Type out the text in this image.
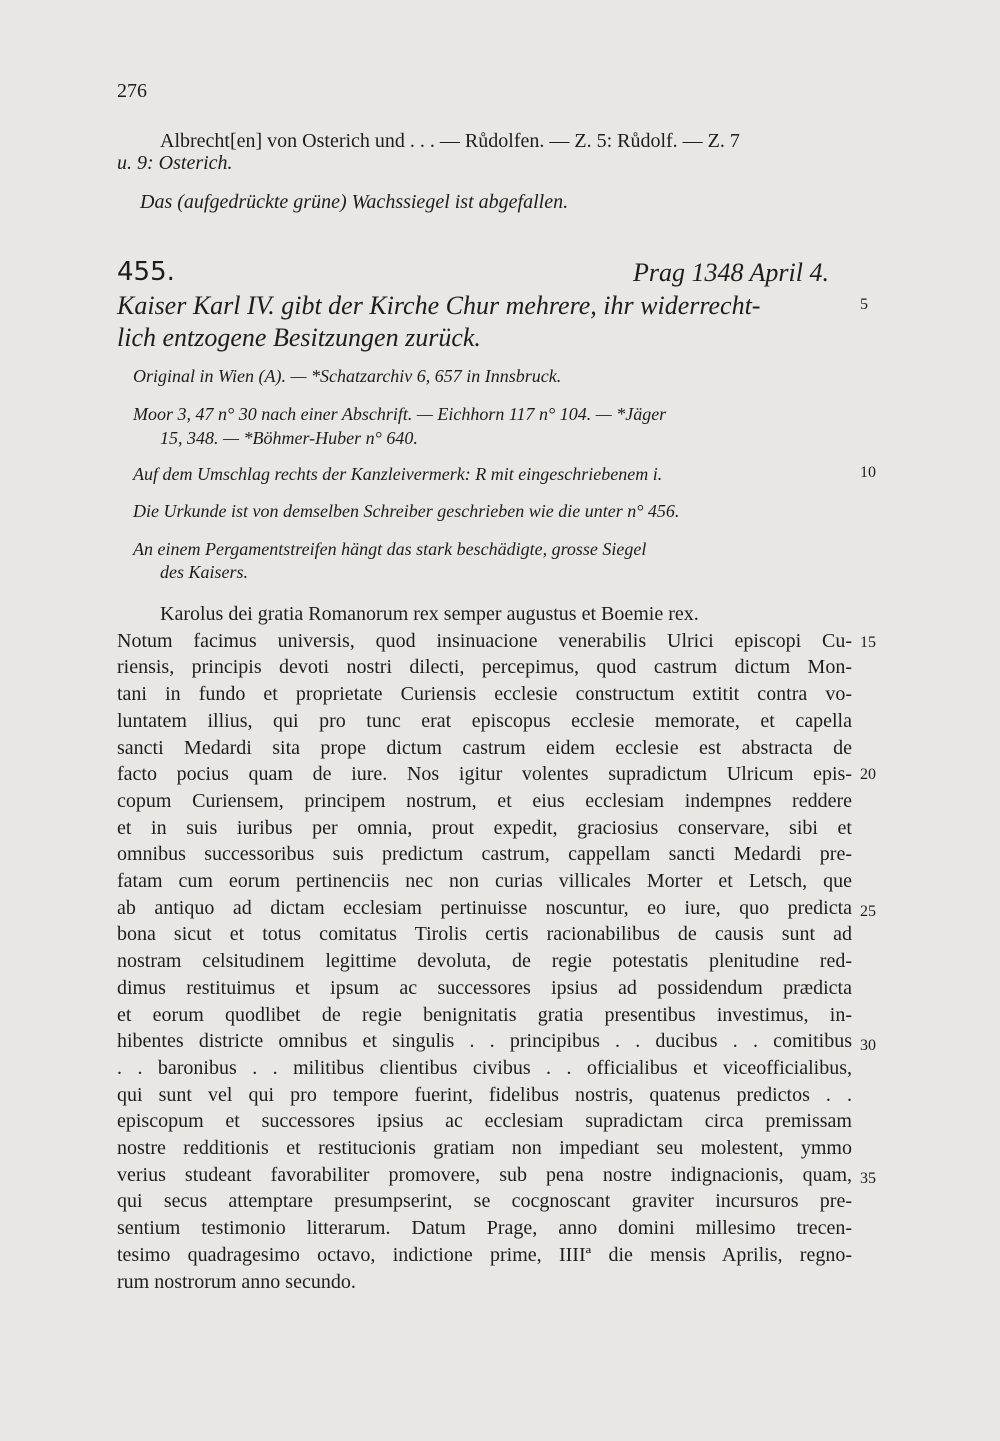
276
Albrecht[en] von Osterich und . . . — Růdolfen. — Z. 5: Růdolf. — Z. 7
u. 9: Osterich.
Das (aufgedrückte grüne) Wachssiegel ist abgefallen.
455.	Prag 1348 April 4.
Kaiser Karl IV. gibt der Kirche Chur mehrere, ihr widerrecht-
lich entzogene Besitzungen zurück.
Original in Wien (A). — *Schatzarchiv 6, 657 in Innsbruck.
Moor 3, 47 n° 30 nach einer Abschrift. — Eichhorn 117 n° 104. — *Jäger
15, 348. — *Böhmer-Huber n° 640.
Auf dem Umschlag rechts der Kanzleivermerk: R mit eingeschriebenem i.
Die Urkunde ist von demselben Schreiber geschrieben wie die unter n° 456.
An einem Pergamentstreifen hängt das stark beschädigte, grosse Siegel
des Kaisers.
Karolus dei gratia Romanorum rex semper augustus et Boemie rex.
Notum facimus universis, quod insinuacione venerabilis Ulrici episcopi Cu-
riensis, principis devoti nostri dilecti, percepimus, quod castrum dictum Mon-
tani in fundo et proprietate Curiensis ecclesie constructum extitit contra vo-
luntatem illius, qui pro tunc erat episcopus ecclesie memorate, et capella
sancti Medardi sita prope dictum castrum eidem ecclesie est abstracta de
facto pocius quam de iure. Nos igitur volentes supradictum Ulricum epis-
copum Curiensem, principem nostrum, et eius ecclesiam indempnes reddere
et in suis iuribus per omnia, prout expedit, graciosius conservare, sibi et
omnibus successoribus suis predictum castrum, cappellam sancti Medardi pre-
fatam cum eorum pertinenciis nec non curias villicales Morter et Letsch, que
ab antiquo ad dictam ecclesiam pertinuisse noscuntur, eo iure, quo predicta
bona sicut et totus comitatus Tirolis certis racionabilibus de causis sunt ad
nostram celsitudinem legittime devoluta, de regie potestatis plenitudine red-
dimus restituimus et ipsum ac successores ipsius ad possidendum prædicta
et eorum quodlibet de regie benignitatis gratia presentibus investimus, in-
hibentes districte omnibus et singulis . . principibus . . ducibus . . comitibus
. . baronibus . . militibus clientibus civibus . . officialibus et viceofficialibus,
qui sunt vel qui pro tempore fuerint, fidelibus nostris, quatenus predictos . .
episcopum et successores ipsius ac ecclesiam supradictam circa premissam
nostre redditionis et restitucionis gratiam non impediant seu molestent, ymmo
verius studeant favorabiliter promovere, sub pena nostre indignacionis, quam,
qui secus attemptare presumpserint, se cocgnoscant graviter incursuros pre-
sentium testimonio litterarum. Datum Prage, anno domini millesimo trecen-
tesimo quadragesimo octavo, indictione prime, IIIIª die mensis Aprilis, regno-
rum nostrorum anno secundo.
5
10
15
20
25
30
35
